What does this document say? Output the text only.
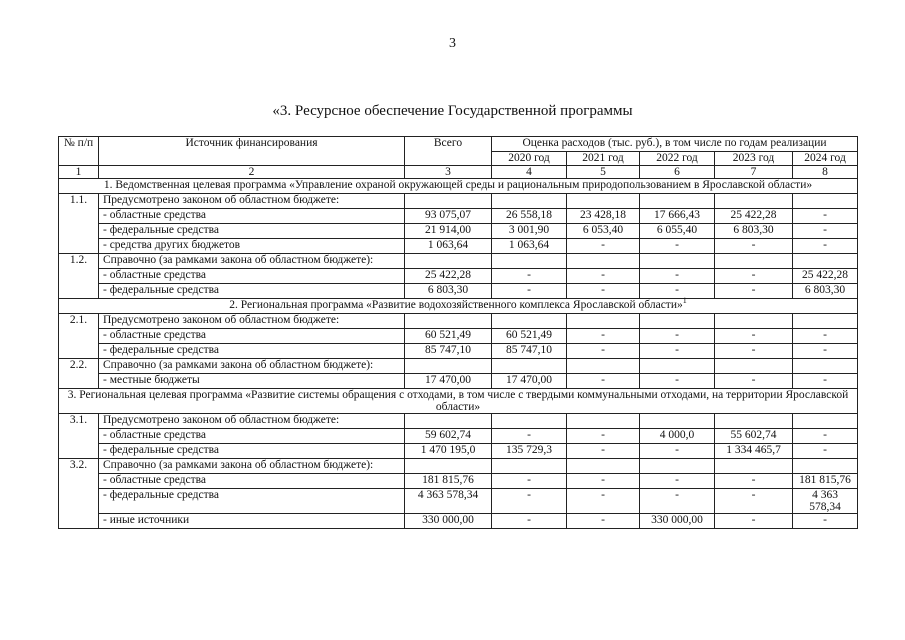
3
«3. Ресурсное обеспечение Государственной программы
№ п/п	Источник финансирования	Всего	Оценка расходов (тыс. руб.), в том числе по годам реализации				
			2020 год	2021 год	2022 год	2023 год	2024 год
1	2	3	4	5	6	7	8
1. Ведомственная целевая программа «Управление охраной окружающей среды и рациональным природопользованием в Ярославской области»							
1.1.	Предусмотрено законом об областном бюджете:						
	- областные средства	93 075,07	26 558,18	23 428,18	17 666,43	25 422,28	-
	- федеральные средства	21 914,00	3 001,90	6 053,40	6 055,40	6 803,30	-
	- средства других бюджетов	1 063,64	1 063,64	-	-	-	-
1.2.	Справочно (за рамками закона об областном бюджете):						
	- областные средства	25 422,28	-	-	-	-	25 422,28
	- федеральные средства	6 803,30	-	-	-	-	6 803,30
2. Региональная программа «Развитие водохозяйственного комплекса Ярославской области»$^1$
2.1.	Предусмотрено законом об областном бюджете:						
	- областные средства	60 521,49	60 521,49	-	-	-	-
	- федеральные средства	85 747,10	85 747,10	-	-	-	-
2.2.	Справочно (за рамками закона об областном бюджете):						
	- местные бюджеты	17 470,00	17 470,00	-	-	-	-
3. Региональная целевая программа «Развитие системы обращения с отходами, в том числе с твердыми коммунальными отходами, на территории Ярославской области»							
3.1.	Предусмотрено законом об областном бюджете:						
	- областные средства	59 602,74	-	-	4 000,0	55 602,74	-
	- федеральные средства	1 470 195,0	135 729,3	-	-	1 334 465,7	-
3.2.	Справочно (за рамками закона об областном бюджете):						
	- областные средства	181 815,76	-	-	-	-	181 815,76
	- федеральные средства	4 363 578,34	-	-	-	-	4 363 578,34
	- иные источники	330 000,00	-	-	330 000,00	-	-
